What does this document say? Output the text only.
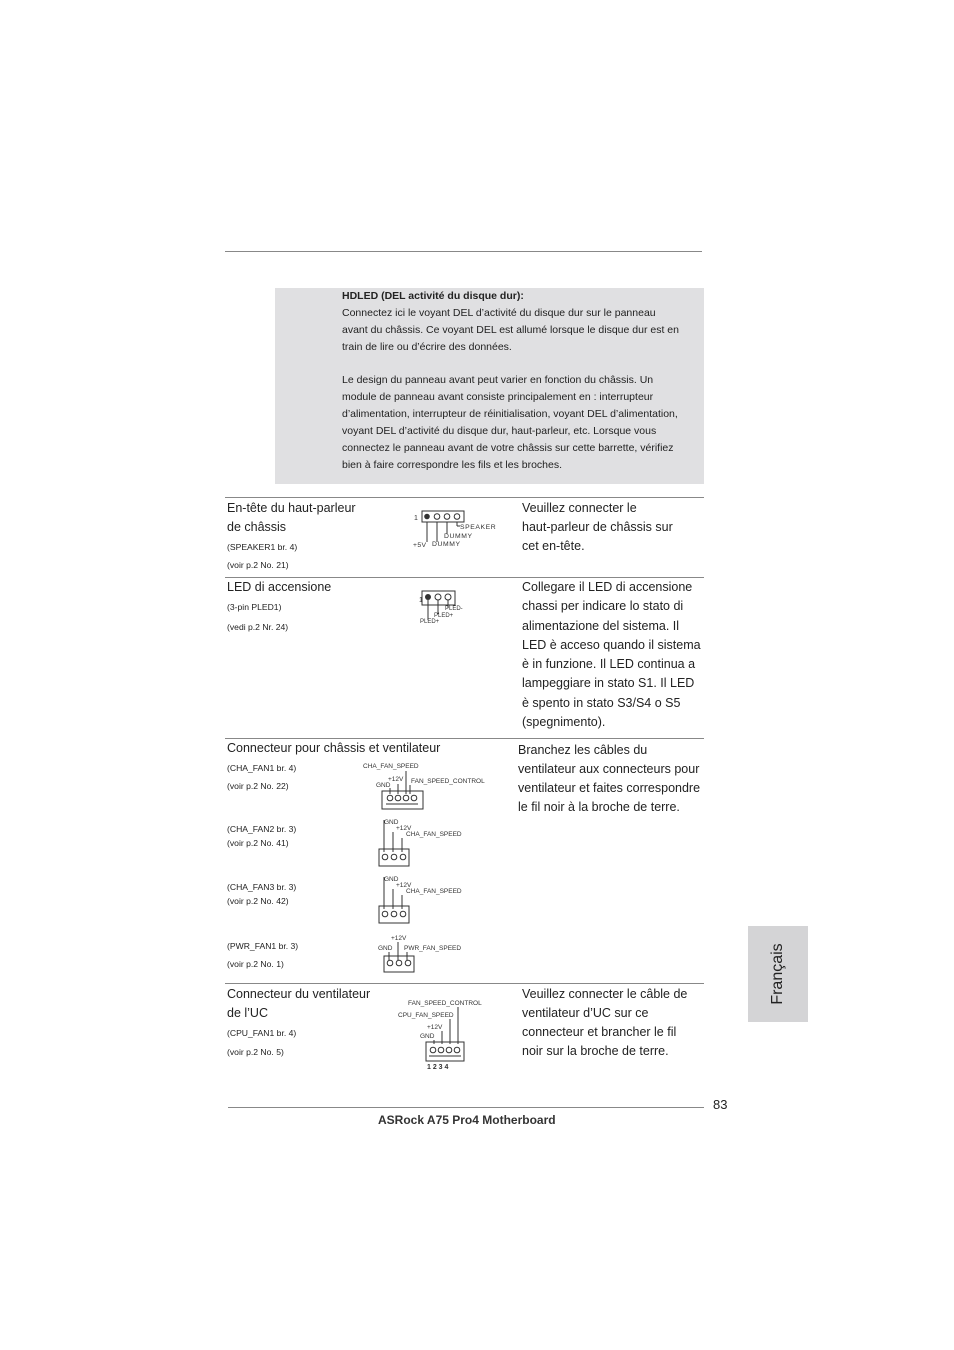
HDLED (DEL activité du disque dur):
Connectez ici le voyant DEL d’activité du disque dur sur le panneau
avant du châssis. Ce voyant DEL est allumé lorsque le disque dur est en
train de lire ou d’écrire des données.
Le design du panneau avant peut varier en fonction du châssis. Un
module de panneau avant consiste principalement en : interrupteur
d’alimentation, interrupteur de réinitialisation, voyant DEL d’alimentation,
voyant DEL d’activité du disque dur, haut-parleur, etc. Lorsque vous
connectez le panneau avant de votre châssis sur cette barrette, vérifiez
bien à faire correspondre les fils et les broches.
En-tête du haut-parleur
de châssis
(SPEAKER1 br. 4)
(voir p.2 No. 21)
1
SPEAKER
DUMMY
DUMMY
+5V
Veuillez connecter le
haut-parleur de châssis sur
cet en-tête.
LED di accensione
(3-pin PLED1)
(vedi p.2 Nr. 24)
1
PLED-
PLED+
PLED+
Collegare il LED di accensione
chassi per indicare lo stato di
alimentazione del sistema. Il
LED è acceso quando il sistema
è in funzione. Il LED continua a
lampeggiare in stato S1. Il LED
è spento in stato S3/S4 o S5
(spegnimento).
Connecteur pour châssis et ventilateur
(CHA_FAN1 br. 4)
(voir p.2 No. 22)
(CHA_FAN2 br. 3)
(voir p.2 No. 41)
(CHA_FAN3 br. 3)
(voir p.2 No. 42)
(PWR_FAN1 br. 3)
(voir p.2 No. 1)
CHA_FAN_SPEED
+12V FAN_SPEED_CONTROL
GND
GND
+12V
CHA_FAN_SPEED
GND
+12V
CHA_FAN_SPEED
+12V
GND PWR_FAN_SPEED
Branchez les câbles du
ventilateur aux connecteurs pour
ventilateur et faites correspondre
le fil noir à la broche de terre.
Connecteur du ventilateur
de l’UC
(CPU_FAN1 br. 4)
(voir p.2 No. 5)
FAN_SPEED_CONTROL
CPU_FAN_SPEED
+12V
GND
1 2 3 4
Veuillez connecter le câble de
ventilateur d’UC sur ce
connecteur et brancher le fil
noir sur la broche de terre.
Français
83
ASRock A75 Pro4 Motherboard
